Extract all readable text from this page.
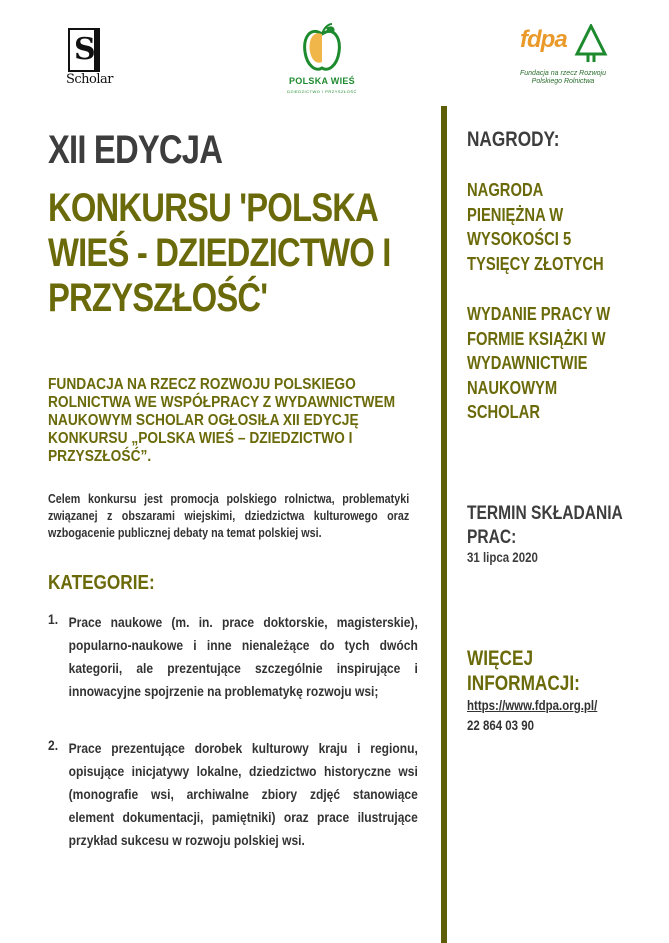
S
Scholar	POLSKA WIEŚ
DZIEDZICTWO I PRZYSZŁOŚĆ
fdpa
Fundacja na rzecz Rozwoju
Polskiego Rolnictwa
XII EDYCJA
KONKURSU 'POLSKA WIEŚ - DZIEDZICTWO I PRZYSZŁOŚĆ'
FUNDACJA NA RZECZ ROZWOJU POLSKIEGO ROLNICTWA WE WSPÓŁPRACY Z WYDAWNICTWEM NAUKOWYM SCHOLAR OGŁOSIŁA XII EDYCJĘ KONKURSU „POLSKA WIEŚ – DZIEDZICTWO I PRZYSZŁOŚĆ”.
Celem konkursu jest promocja polskiego rolnictwa, problematyki związanej z obszarami wiejskimi, dziedzictwa kulturowego oraz wzbogacenie publicznej debaty na temat polskiej wsi.
KATEGORIE:
1. Prace naukowe (m. in. prace doktorskie, magisterskie), popularno-naukowe i inne nienależące do tych dwóch kategorii, ale prezentujące szczególnie inspirujące i innowacyjne spojrzenie na problematykę rozwoju wsi;
2. Prace prezentujące dorobek kulturowy kraju i regionu, opisujące inicjatywy lokalne, dziedzictwo historyczne wsi (monografie wsi, archiwalne zbiory zdjęć stanowiące element dokumentacji, pamiętniki) oraz prace ilustrujące przykład sukcesu w rozwoju polskiej wsi.
NAGRODY:
NAGRODA PIENIĘŻNA W WYSOKOŚCI 5 TYSIĘCY ZŁOTYCH
WYDANIE PRACY W FORMIE KSIĄŻKI W WYDAWNICTWIE NAUKOWYM SCHOLAR
TERMIN SKŁADANIA PRAC:
31 lipca 2020
WIĘCEJ INFORMACJI:
https://www.fdpa.org.pl/
22 864 03 90
